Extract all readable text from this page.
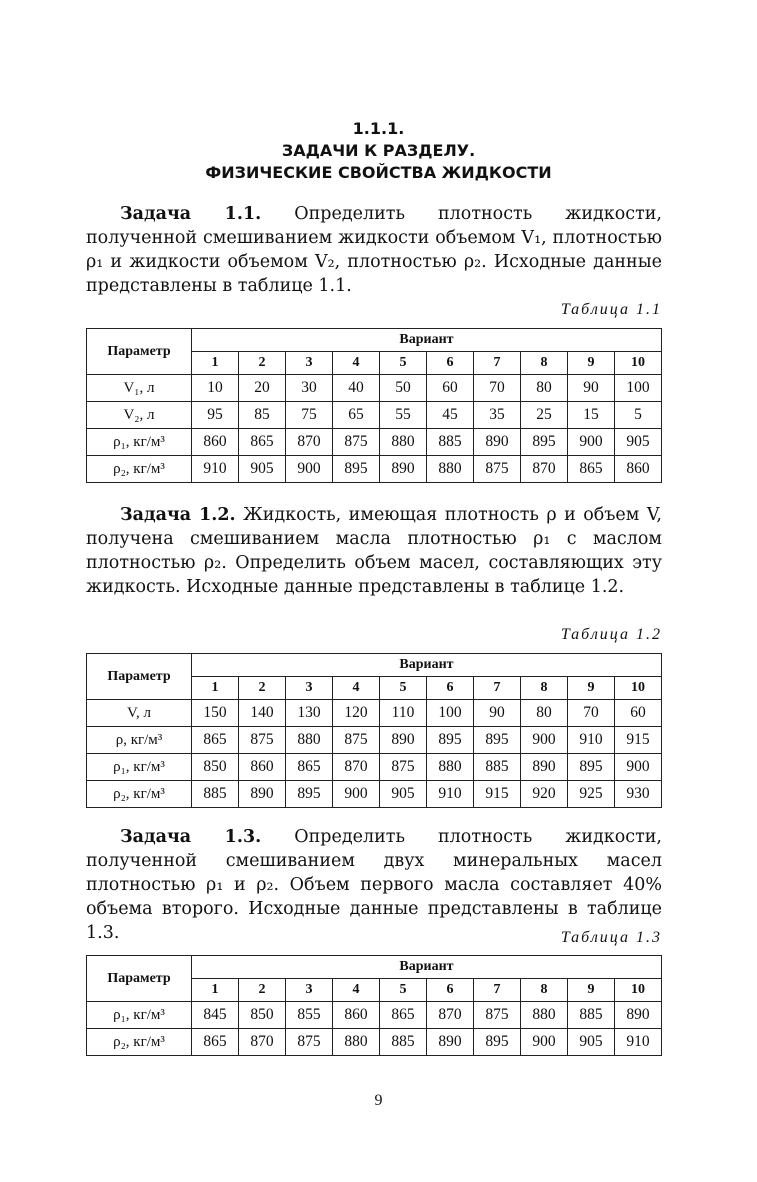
1.1.1.
ЗАДАЧИ К РАЗДЕЛУ.
ФИЗИЧЕСКИЕ СВОЙСТВА ЖИДКОСТИ
Задача 1.1. Определить плотность жидкости, полученной смешиванием жидкости объемом V₁, плотностью ρ₁ и жидкости объемом V₂, плотностью ρ₂. Исходные данные представлены в таблице 1.1.
Таблица 1.1
Параметр	Вариант									
	1	2	3	4	5	6	7	8	9	10
V₁, л	10	20	30	40	50	60	70	80	90	100
V₂, л	95	85	75	65	55	45	35	25	15	5
ρ₁, кг/м³	860	865	870	875	880	885	890	895	900	905
ρ₂, кг/м³	910	905	900	895	890	880	875	870	865	860
Задача 1.2. Жидкость, имеющая плотность ρ и объем V, получена смешиванием масла плотностью ρ₁ с маслом плотностью ρ₂. Определить объем масел, составляющих эту жидкость. Исходные данные представлены в таблице 1.2.
Таблица 1.2
Параметр	Вариант									
	1	2	3	4	5	6	7	8	9	10
V, л	150	140	130	120	110	100	90	80	70	60
ρ, кг/м³	865	875	880	875	890	895	895	900	910	915
ρ₁, кг/м³	850	860	865	870	875	880	885	890	895	900
ρ₂, кг/м³	885	890	895	900	905	910	915	920	925	930
Задача 1.3. Определить плотность жидкости, полученной смешиванием двух минеральных масел плотностью ρ₁ и ρ₂. Объем первого масла составляет 40% объема второго. Исходные данные представлены в таблице 1.3.	Таблица 1.3
Параметр	Вариант									
	1	2	3	4	5	6	7	8	9	10
ρ₁, кг/м³	845	850	855	860	865	870	875	880	885	890
ρ₂, кг/м³	865	870	875	880	885	890	895	900	905	910
9
